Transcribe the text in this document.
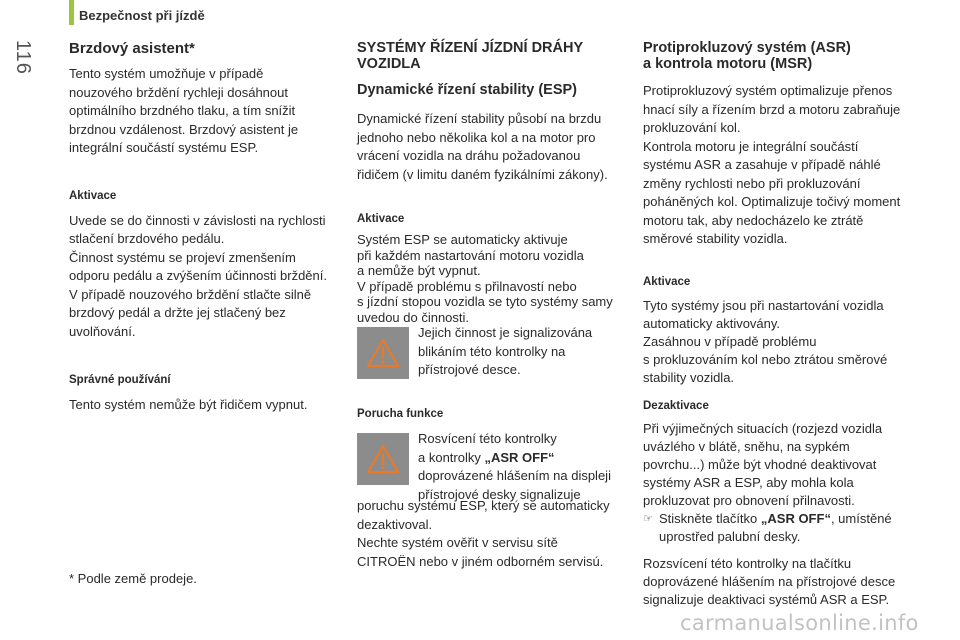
Bezpečnost při jízdě
116 Brzdový asistent*

Tento systém umožňuje v případě

nouzového brždění rychleji dosáhnout

optimálního brzdného tlaku, a tím snížit

brzdnou vzdálenost. Brzdový asistent je

integrální součástí systému ESP.

Aktivace

Uvede se do činnosti v závislosti na rychlosti

stlačení brzdového pedálu.

Činnost systému se projeví zmenšením

odporu pedálu a zvýšením účinnosti brždění.

V případě nouzového brždění stlačte silně

brzdový pedál a držte jej stlačený bez

uvolňování.

Správné používání

Tento systém nemůže být řidičem vypnut.

* Podle země prodeje.

SYSTÉMY ŘÍZENÍ JÍZDNÍ DRÁHY

VOZIDLA

Dynamické řízení stability (ESP)

Dynamické řízení stability působí na brzdu

jednoho nebo několika kol a na motor pro

vrácení vozidla na dráhu požadovanou

řidičem (v limitu daném fyzikálními zákony).

Aktivace

Systém ESP se automaticky aktivuje

při každém nastartování motoru vozidla

a nemůže být vypnut.

V případě problému s přilnavostí nebo

s jízdní stopou vozidla se tyto systémy samy

uvedou do činnosti.

Jejich činnost je signalizována

blikáním této kontrolky na

přístrojové desce.

Porucha funkce

Rosvícení této kontrolky

a kontrolky „ASR OFF“

doprovázené hlášením na displeji

přístrojové desky signalizuje

poruchu systému ESP, který se automaticky

dezaktivoval.

Nechte systém ověřit v servisu sítě

CITROËN nebo v jiném odborném servisú.

Protiprokluzový systém (ASR)
a kontrola motoru (MSR)

Protiprokluzový systém optimalizuje přenos

hnací síly a řízením brzd a motoru zabraňuje

prokluzování kol.

Kontrola motoru je integrální součástí

systému ASR a zasahuje v případě náhlé

změny rychlosti nebo při prokluzování

poháněných kol. Optimalizuje točivý moment

motoru tak, aby nedocházelo ke ztrátě

směrové stability vozidla.

Aktivace

Tyto systémy jsou při nastartování vozidla

automaticky aktivovány.

Zasáhnou v případě problému

s prokluzováním kol nebo ztrátou směrové

stability vozidla.

Dezaktivace

Při výjimečných situacích (rozjezd vozidla

uvázlého v blátě, sněhu, na sypkém

povrchu...) může být vhodné deaktivovat

systémy ASR a ESP, aby mohla kola

prokluzovat pro obnovení přilnavosti.

☞ Stiskněte tlačítko „ASR OFF“, umístěné

uprostřed palubní desky.

Rozsvícení této kontrolky na tlačítku

doprovázené hlášením na přístrojové desce

signalizuje deaktivaci systémů ASR a ESP.

carmanualsonline.info
